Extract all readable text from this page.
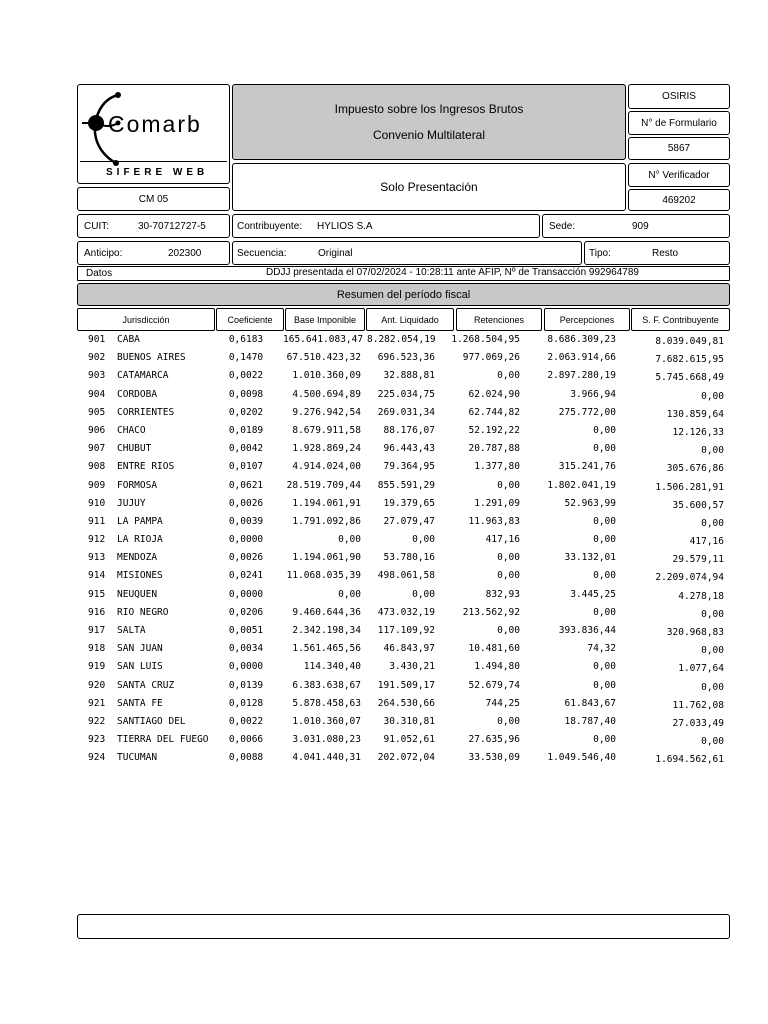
Comarb
SIFERE WEB
CM 05
Impuesto sobre los Ingresos Brutos
Convenio Multilateral
Solo Presentación
OSIRIS
N° de Formulario
5867
N° Verificador
469202
CUIT:	30-70712727-5	Contribuyente: HYLIOS S.A	Sede:	909
Anticipo:	202300	Secuencia:	Original	Tipo:	Resto
Datos	DDJJ presentada el 07/02/2024 - 10:28:11 ante AFIP, Nº de Transacción 992964789
Resumen del período fiscal
Jurisdicción	Coeficiente	Base Imponible	Ant. Liquidado	Retenciones	Percepciones	S. F. Contribuyente
901 CABA	0,6183	165.641.083,47 8.282.054,19	1.268.504,95	8.686.309,23	8.039.049,81
902 BUENOS AIRES	0,1470	67.510.423,32	696.523,36	977.069,26	2.063.914,66	7.682.615,95
903 CATAMARCA	0,0022	1.010.360,09	32.888,81	0,00	2.897.280,19	5.745.668,49
904 CORDOBA	0,0098	4.500.694,89	225.034,75	62.024,90	3.966,94	0,00
905 CORRIENTES	0,0202	9.276.942,54	269.031,34	62.744,82	275.772,00	130.859,64
906 CHACO	0,0189	8.679.911,58	88.176,07	52.192,22	0,00	12.126,33
907 CHUBUT	0,0042	1.928.869,24	96.443,43	20.787,88	0,00	0,00
908 ENTRE RIOS	0,0107	4.914.024,00	79.364,95	1.377,80	315.241,76	305.676,86
909 FORMOSA	0,0621	28.519.709,44	855.591,29	0,00	1.802.041,19	1.506.281,91
910 JUJUY	0,0026	1.194.061,91	19.379,65	1.291,09	52.963,99	35.600,57
911 LA PAMPA	0,0039	1.791.092,86	27.079,47	11.963,83	0,00	0,00
912 LA RIOJA	0,0000	0,00	0,00	417,16	0,00	417,16
913 MENDOZA	0,0026	1.194.061,90	53.780,16	0,00	33.132,01	29.579,11
914 MISIONES	0,0241	11.068.035,39	498.061,58	0,00	0,00	2.209.074,94
915 NEUQUEN	0,0000	0,00	0,00	832,93	3.445,25	4.278,18
916 RIO NEGRO	0,0206	9.460.644,36	473.032,19	213.562,92	0,00	0,00
917 SALTA	0,0051	2.342.198,34	117.109,92	0,00	393.836,44	320.968,83
918 SAN JUAN	0,0034	1.561.465,56	46.843,97	10.481,60	74,32	0,00
919 SAN LUIS	0,0000	114.340,40	3.430,21	1.494,80	0,00	1.077,64
920 SANTA CRUZ	0,0139	6.383.638,67	191.509,17	52.679,74	0,00	0,00
921 SANTA FE	0,0128	5.878.458,63	264.530,66	744,25	61.843,67	11.762,08
922 SANTIAGO DEL	0,0022	1.010.360,07	30.310,81	0,00	18.787,40	27.033,49
923 TIERRA DEL FUEGO	0,0066	3.031.080,23	91.052,61	27.635,96	0,00	0,00
924 TUCUMAN	0,0088	4.041.440,31	202.072,04	33.530,09	1.049.546,40	1.694.562,61
